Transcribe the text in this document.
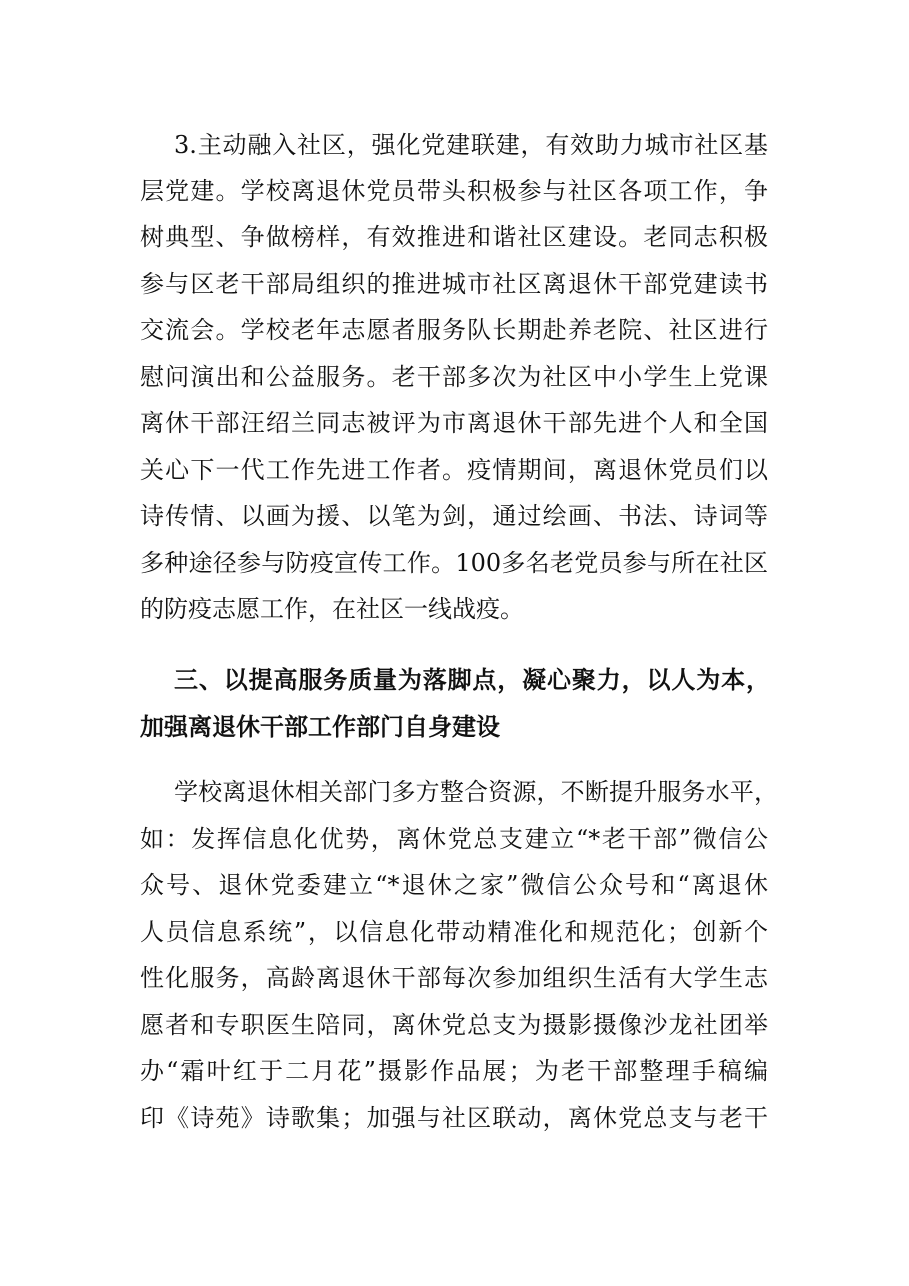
3.主动融入社区，强化党建联建，有效助力城市社区基
层党建。学校离退休党员带头积极参与社区各项工作，争
树典型、争做榜样，有效推进和谐社区建设。老同志积极
参与区老干部局组织的推进城市社区离退休干部党建读书
交流会。学校老年志愿者服务队长期赴养老院、社区进行
慰问演出和公益服务。老干部多次为社区中小学生上党课
离休干部汪绍兰同志被评为市离退休干部先进个人和全国
关心下一代工作先进工作者。疫情期间，离退休党员们以
诗传情、以画为援、以笔为剑，通过绘画、书法、诗词等
多种途径参与防疫宣传工作。100多名老党员参与所在社区
的防疫志愿工作，在社区一线战疫。
三、以提高服务质量为落脚点，凝心聚力，以人为本，
加强离退休干部工作部门自身建设
学校离退休相关部门多方整合资源，不断提升服务水平，
如：发挥信息化优势，离休党总支建立“*老干部”微信公
众号、退休党委建立“*退休之家”微信公众号和“离退休
人员信息系统”，以信息化带动精准化和规范化；创新个
性化服务，高龄离退休干部每次参加组织生活有大学生志
愿者和专职医生陪同，离休党总支为摄影摄像沙龙社团举
办“霜叶红于二月花”摄影作品展；为老干部整理手稿编
印《诗苑》诗歌集；加强与社区联动，离休党总支与老干
